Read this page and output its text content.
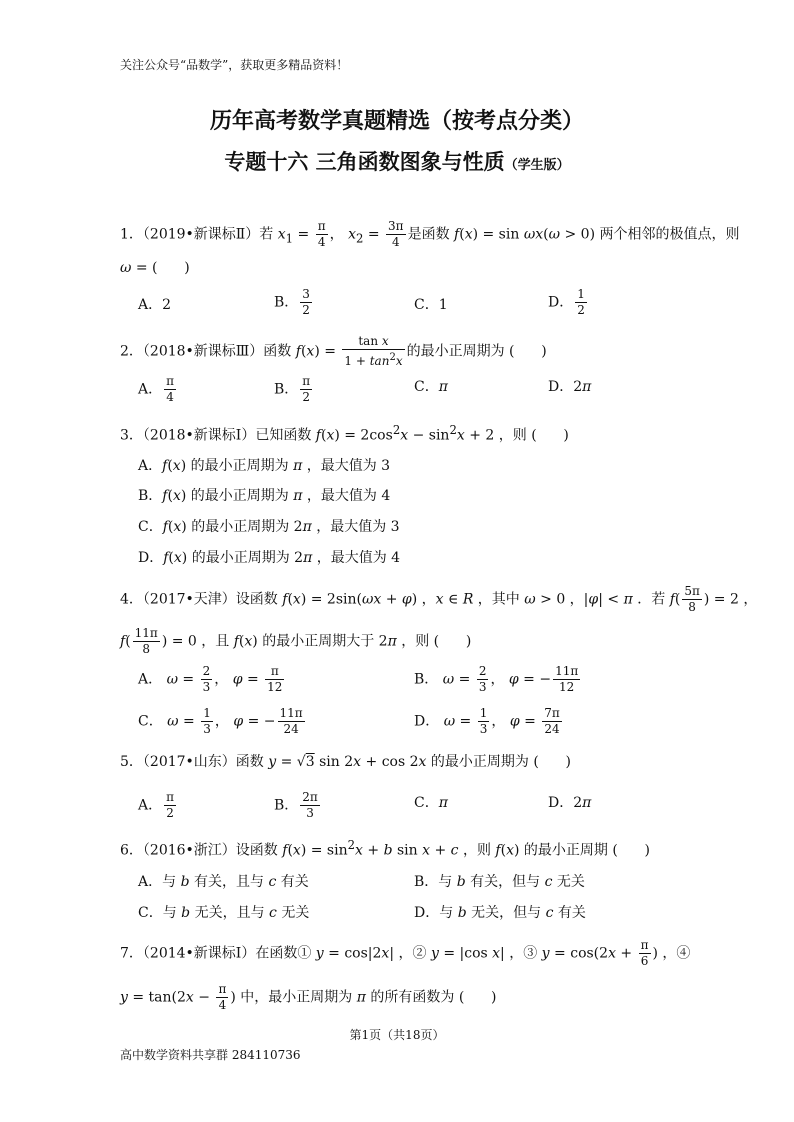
关注公众号“品数学”，获取更多精品资料！
历年高考数学真题精选（按考点分类）
专题十六 三角函数图象与性质（学生版）
1．（2019•新课标Ⅱ）若 $x_1 = \frac{\pi}{4}$ ， $x_2 = \frac{3\pi}{4}$ 是函数 f(x) = sin ωx(ω > 0) 两个相邻的极值点，则
ω = (      )
A．2	B． $\frac{3}{2}$	C．1	D． $\frac{1}{2}$
2．（2018•新课标Ⅲ）函数 $f(x) = \frac{\text{tan x}}{1 + \tan^2x}$ 的最小正周期为 (      )
A． $\frac{\pi}{4}$	B． $\frac{\pi}{2}$	C．π	D．2π
3．（2018•新课标Ⅰ）已知函数 $f(x) = 2\cos^2x - \sin^2x + 2$ ，则 (      )
A．f(x) 的最小正周期为 π ，最大值为 3
B．f(x) 的最小正周期为 π ，最大值为 4
C．f(x) 的最小正周期为 2π ，最大值为 3
D．f(x) 的最小正周期为 2π ，最大值为 4
4．（2017•天津）设函数 f(x) = 2sin(ωx + φ) ，x ∈ R ，其中 ω > 0 ，|φ| < π ．若 $f( \frac{5\pi}{8}$ ) = 2 ，
$f( \frac{11\pi}{8}$ ) = 0 ，且 f(x) 的最小正周期大于 2π ，则 (      )
A． $\omega = \frac{2}{3}$ ， $\varphi = \frac{\pi}{12}$	B． $\omega = \frac{2}{3}$ ， φ = − $\frac{11\pi}{12}$
C． $\omega = \frac{1}{3}$ ， φ = − $\frac{11\pi}{24}$	D． $\omega = \frac{1}{3}$ ， $\varphi = \frac{7\pi}{24}$
5．（2017•山东）函数 y = √3 sin 2x + cos 2x 的最小正周期为 (      )
A． $\frac{\pi}{2}$	B． $\frac{2\pi}{3}$	C．π	D．2π
6．（2016•浙江）设函数 $f(x) = \sin^2x + b$ sin x + c ，则 f(x) 的最小正周期 (      )
A．与 b 有关，且与 c 有关	B．与 b 有关，但与 c 无关
C．与 b 无关，且与 c 无关	D．与 b 无关，但与 c 有关
7．（2014•新课标Ⅰ）在函数① y = cos|2x| ，② y = |cos x| ，③ $y = \cos(2x + \frac{\pi}{6}$ ) ，④
$y = \tan(2x - \frac{\pi}{4}$ ) 中，最小正周期为 π 的所有函数为 (      )
第1页（共18页）
高中数学资料共享群 284110736
